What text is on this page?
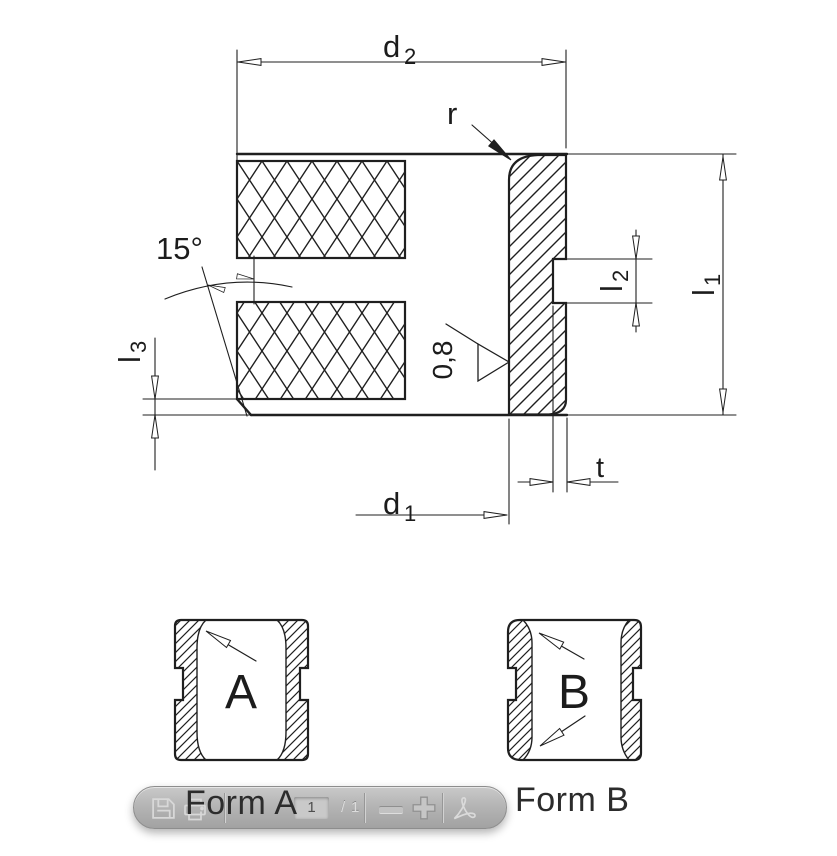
d 2
r
15°
l
3
l
2
l
1
0,8
d 1
t
A	B
1	/ 1
Form A	Form B
